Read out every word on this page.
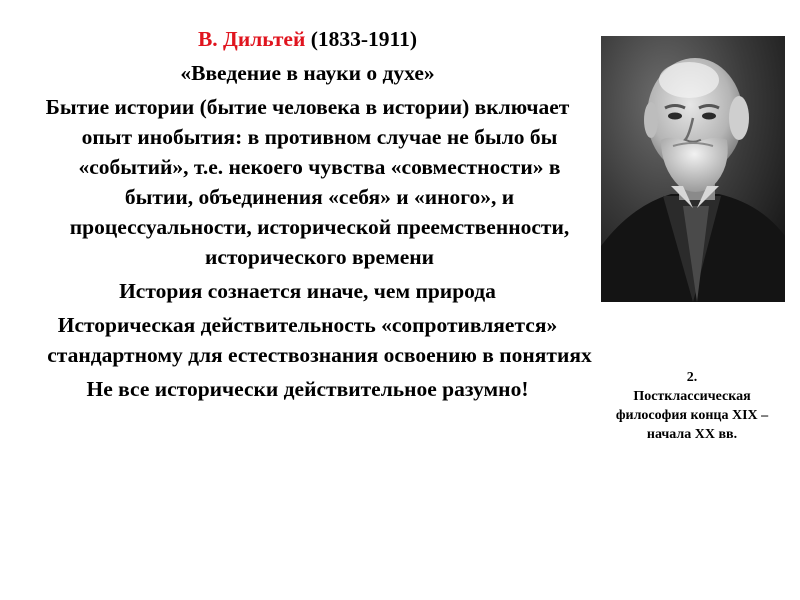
В. Дильтей (1833-1911)
«Введение в науки о духе»
Бытие истории (бытие человека в истории) включает опыт инобытия: в противном случае не было бы «событий», т.е. некоего чувства «совместности» в бытии, объединения «себя» и «иного», и процессуальности, исторической преемственности, исторического времени
История сознается иначе, чем природа
Историческая действительность «сопротивляется» стандартному для естествознания освоению в понятиях
Не все исторически действительное разумно!	2.
Постклассическая философия конца XIX – начала XX вв.
